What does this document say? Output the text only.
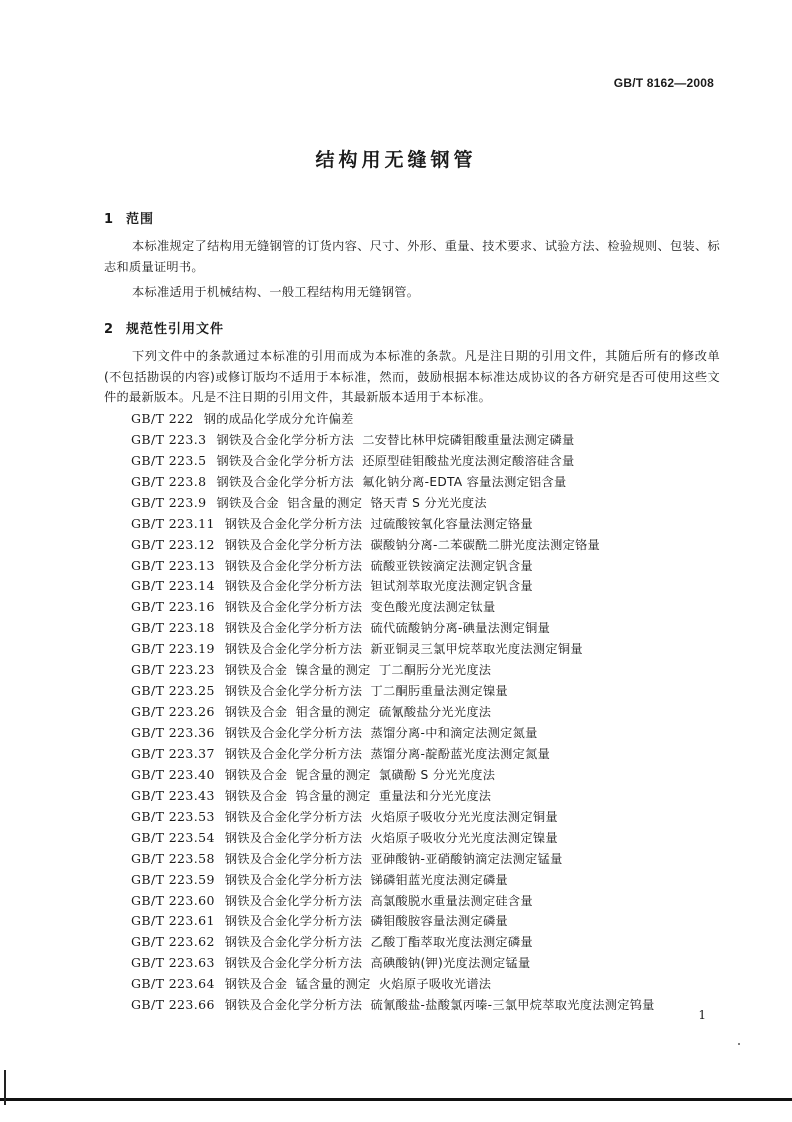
GB/T 8162—2008
结构用无缝钢管
1 范围

本标准规定了结构用无缝钢管的订货内容、尺寸、外形、重量、技术要求、试验方法、检验规则、包装、标志和质量证明书。

本标准适用于机械结构、一般工程结构用无缝钢管。

2 规范性引用文件

下列文件中的条款通过本标准的引用而成为本标准的条款。凡是注日期的引用文件，其随后所有的修改单(不包括勘误的内容)或修订版均不适用于本标准，然而，鼓励根据本标准达成协议的各方研究是否可使用这些文件的最新版本。凡是不注日期的引用文件，其最新版本适用于本标准。

GB/T 222 钢的成品化学成分允许偏差
GB/T 223.3 钢铁及合金化学分析方法  二安替比林甲烷磷钼酸重量法测定磷量
GB/T 223.5 钢铁及合金化学分析方法  还原型硅钼酸盐光度法测定酸溶硅含量
GB/T 223.8 钢铁及合金化学分析方法  氟化钠分离-EDTA 容量法测定铝含量
GB/T 223.9 钢铁及合金  铝含量的测定  铬天青 S 分光光度法
GB/T 223.11 钢铁及合金化学分析方法  过硫酸铵氧化容量法测定铬量
GB/T 223.12 钢铁及合金化学分析方法  碳酸钠分离-二苯碳酰二肼光度法测定铬量
GB/T 223.13 钢铁及合金化学分析方法  硫酸亚铁铵滴定法测定钒含量
GB/T 223.14 钢铁及合金化学分析方法  钽试剂萃取光度法测定钒含量
GB/T 223.16 钢铁及合金化学分析方法  变色酸光度法测定钛量
GB/T 223.18 钢铁及合金化学分析方法  硫代硫酸钠分离-碘量法测定铜量
GB/T 223.19 钢铁及合金化学分析方法  新亚铜灵三氯甲烷萃取光度法测定铜量
GB/T 223.23 钢铁及合金  镍含量的测定  丁二酮肟分光光度法
GB/T 223.25 钢铁及合金化学分析方法  丁二酮肟重量法测定镍量
GB/T 223.26 钢铁及合金  钼含量的测定  硫氰酸盐分光光度法
GB/T 223.36 钢铁及合金化学分析方法  蒸馏分离-中和滴定法测定氮量
GB/T 223.37 钢铁及合金化学分析方法  蒸馏分离-靛酚蓝光度法测定氮量
GB/T 223.40 钢铁及合金  铌含量的测定  氯磺酚 S 分光光度法
GB/T 223.43 钢铁及合金  钨含量的测定  重量法和分光光度法
GB/T 223.53 钢铁及合金化学分析方法  火焰原子吸收分光光度法测定铜量
GB/T 223.54 钢铁及合金化学分析方法  火焰原子吸收分光光度法测定镍量
GB/T 223.58 钢铁及合金化学分析方法  亚砷酸钠-亚硝酸钠滴定法测定锰量
GB/T 223.59 钢铁及合金化学分析方法  锑磷钼蓝光度法测定磷量
GB/T 223.60 钢铁及合金化学分析方法  高氯酸脱水重量法测定硅含量
GB/T 223.61 钢铁及合金化学分析方法  磷钼酸胺容量法测定磷量
GB/T 223.62 钢铁及合金化学分析方法  乙酸丁酯萃取光度法测定磷量
GB/T 223.63 钢铁及合金化学分析方法  高碘酸钠(钾)光度法测定锰量
GB/T 223.64 钢铁及合金  锰含量的测定  火焰原子吸收光谱法
GB/T 223.66 钢铁及合金化学分析方法  硫氰酸盐-盐酸氯丙嗪-三氯甲烷萃取光度法测定钨量
1
